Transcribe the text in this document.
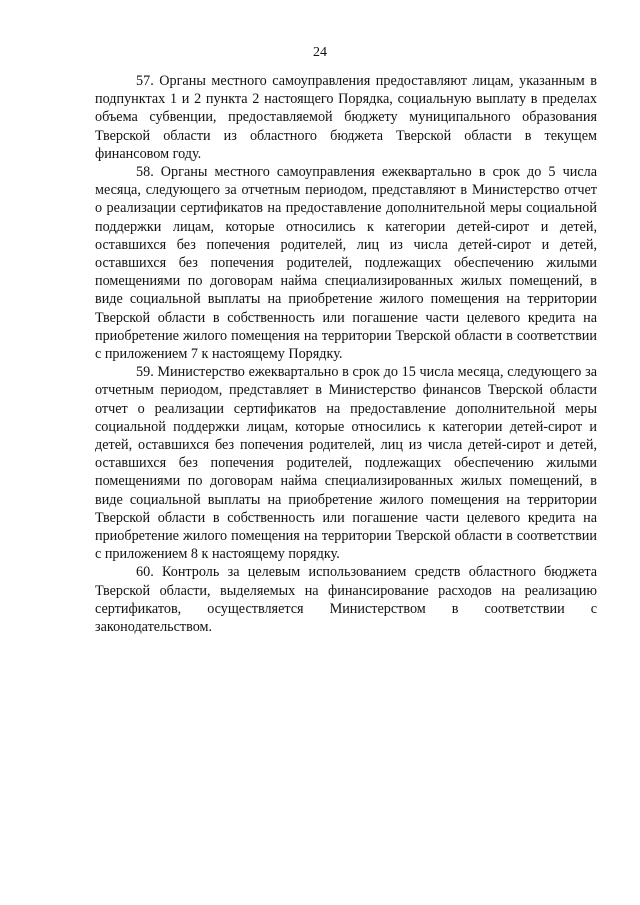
24

57. Органы местного самоуправления предоставляют лицам, указанным в подпунктах 1 и 2 пункта 2 настоящего Порядка, социальную выплату в пределах объема субвенции, предоставляемой бюджету муниципального образования Тверской области из областного бюджета Тверской области в текущем финансовом году.

58. Органы местного самоуправления ежеквартально в срок до 5 числа месяца, следующего за отчетным периодом, представляют в Министерство отчет о реализации сертификатов на предоставление дополнительной меры социальной поддержки лицам, которые относились к категории детей-сирот и детей, оставшихся без попечения родителей, лиц из числа детей-сирот и детей, оставшихся без попечения родителей, подлежащих обеспечению жилыми помещениями по договорам найма специализированных жилых помещений, в виде социальной выплаты на приобретение жилого помещения на территории Тверской области в собственность или погашение части целевого кредита на приобретение жилого помещения на территории Тверской области в соответствии с приложением 7 к настоящему Порядку.

59. Министерство ежеквартально в срок до 15 числа месяца, следующего за отчетным периодом, представляет в Министерство финансов Тверской области отчет о реализации сертификатов на предоставление дополнительной меры социальной поддержки лицам, которые относились к категории детей-сирот и детей, оставшихся без попечения родителей, лиц из числа детей-сирот и детей, оставшихся без попечения родителей, подлежащих обеспечению жилыми помещениями по договорам найма специализированных жилых помещений, в виде социальной выплаты на приобретение жилого помещения на территории Тверской области в собственность или погашение части целевого кредита на приобретение жилого помещения на территории Тверской области в соответствии с приложением 8 к настоящему порядку.

60. Контроль за целевым использованием средств областного бюджета Тверской области, выделяемых на финансирование расходов на реализацию сертификатов, осуществляется Министерством в соответствии с законодательством.
